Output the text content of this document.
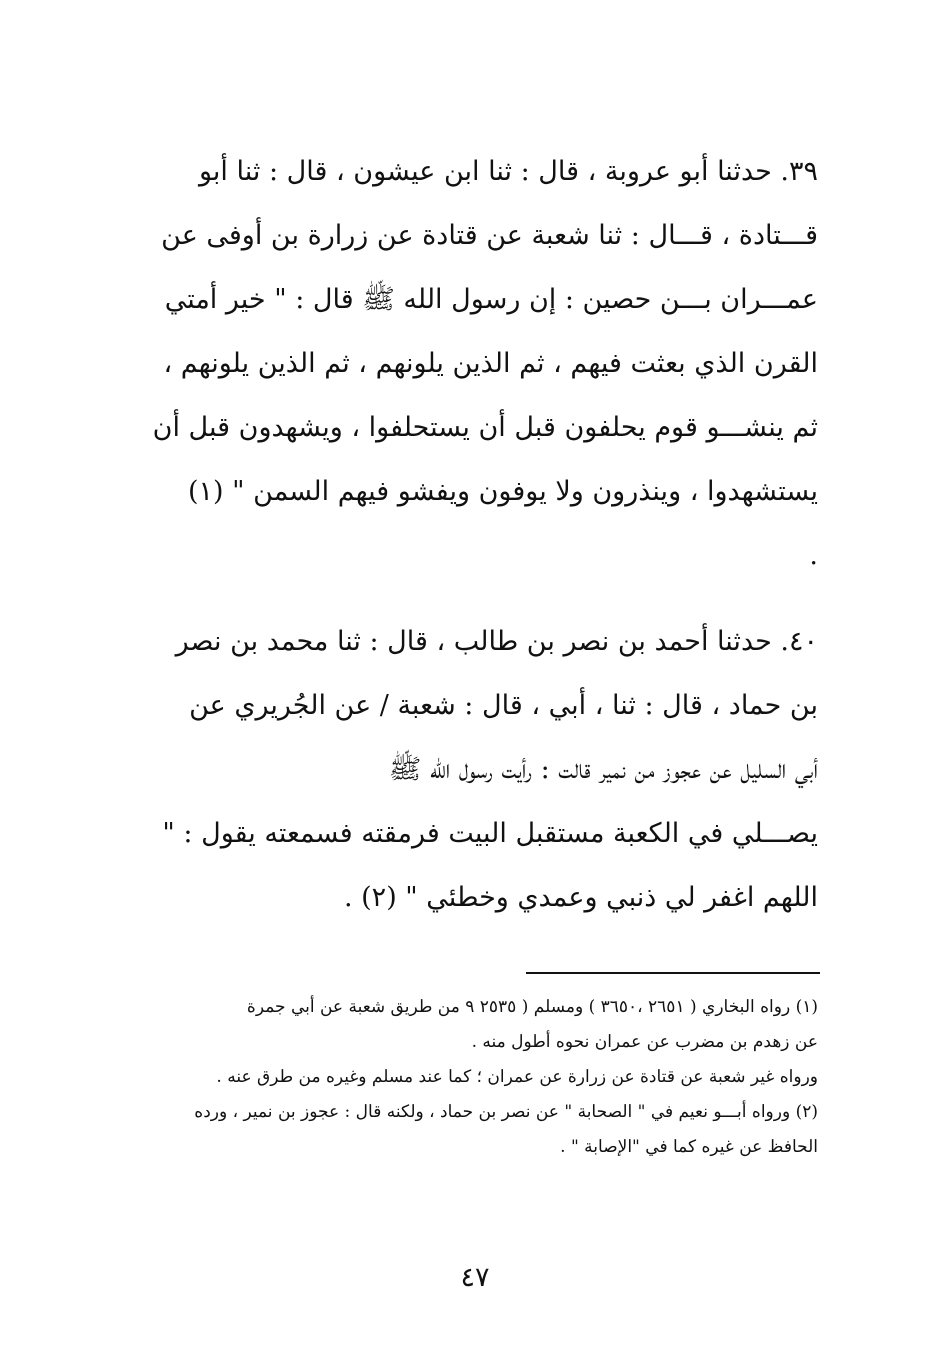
٣٩. حدثنا أبو عروبة ، قال : ثنا ابن عيشون ، قال : ثنا أبو
قـــتادة ، قـــال : ثنا شعبة عن قتادة عن زرارة بن أوفى عن
عمـــران بـــن حصين : إن رسول الله ﷺ قال : " خير أمتي
القرن الذي بعثت فيهم ، ثم الذين يلونهم ، ثم الذين يلونهم ،
ثم ينشـــو قوم يحلفون قبل أن يستحلفوا ، ويشهدون قبل أن
يستشهدوا ، وينذرون ولا يوفون ويفشو فيهم السمن " (١)
.
٤٠. حدثنا أحمد بن نصر بن طالب ، قال : ثنا محمد بن نصر
بن حماد ، قال : ثنا ، أبي ، قال : شعبة / عن الجُريري عن
أبي السليل عن عجوز من نمير قالت : رأيت رسول الله ﷺ
يصـــلي في الكعبة مستقبل البيت فرمقته فسمعته يقول : "
اللهم اغفر لي ذنبي وعمدي وخطئي " (٢) .
(١) رواه البخاري ( ٢٦٥١ ،٣٦٥٠ ) ومسلم ( ٢٥٣٥ ٩ من طريق شعبة عن أبي جمرة
عن زهدم بن مضرب عن عمران نحوه أطول منه .
ورواه غير شعبة عن قتادة عن زرارة عن عمران ؛ كما عند مسلم وغيره من طرق عنه .
(٢) ورواه أبـــو نعيم في " الصحابة " عن نصر بن حماد ، ولكنه قال : عجوز بن نمير ، ورده
الحافظ عن غيره كما في "الإصابة " .
٤٧
